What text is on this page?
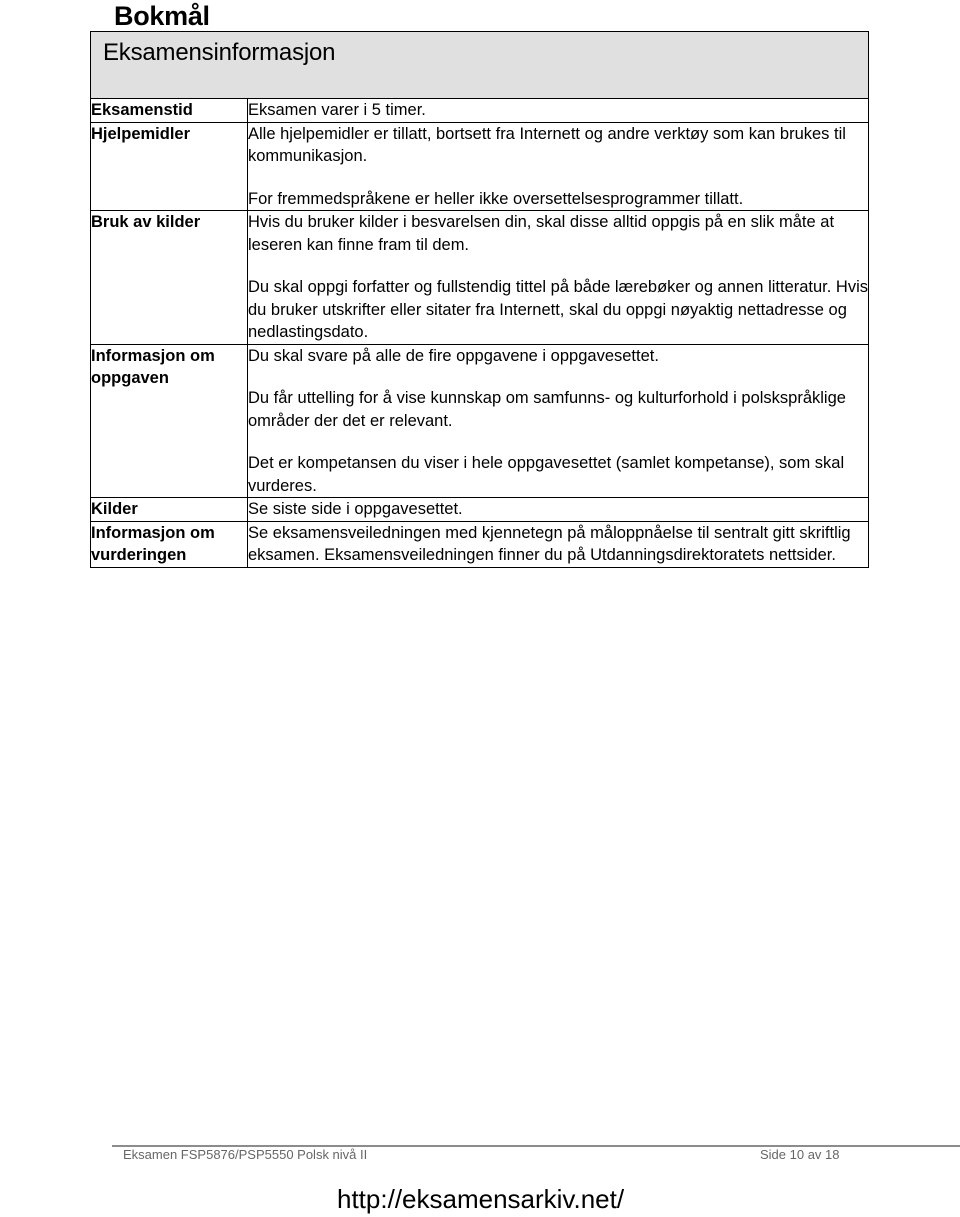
Bokmål
Eksamensinformasjon	

Eksamenstid	Eksamen varer i 5 timer.

Hjelpemidler	Alle hjelpemidler er tillatt, bortsett fra Internett og andre verktøy som kan brukes til kommunikasjon.

For fremmedspråkene er heller ikke oversettelsesprogrammer tillatt.

Bruk av kilder	Hvis du bruker kilder i besvarelsen din, skal disse alltid oppgis på en slik måte at leseren kan finne fram til dem.

Du skal oppgi forfatter og fullstendig tittel på både lærebøker og annen litteratur. Hvis du bruker utskrifter eller sitater fra Internett, skal du oppgi nøyaktig nettadresse og nedlastingsdato.

Informasjon om oppgaven	Du skal svare på alle de fire oppgavene i oppgavesettet.

Du får uttelling for å vise kunnskap om samfunns- og kulturforhold i polskspråklige områder der det er relevant.

Det er kompetansen du viser i hele oppgavesettet (samlet kompetanse), som skal vurderes.

Kilder	Se siste side i oppgavesettet.

Informasjon om vurderingen	Se eksamensveiledningen med kjennetegn på måloppnåelse til sentralt gitt skriftlig eksamen. Eksamensveiledningen finner du på Utdanningsdirektoratets nettsider.

Eksamen FSP5876/PSP5550 Polsk nivå II	Side 10 av 18
http://eksamensarkiv.net/
